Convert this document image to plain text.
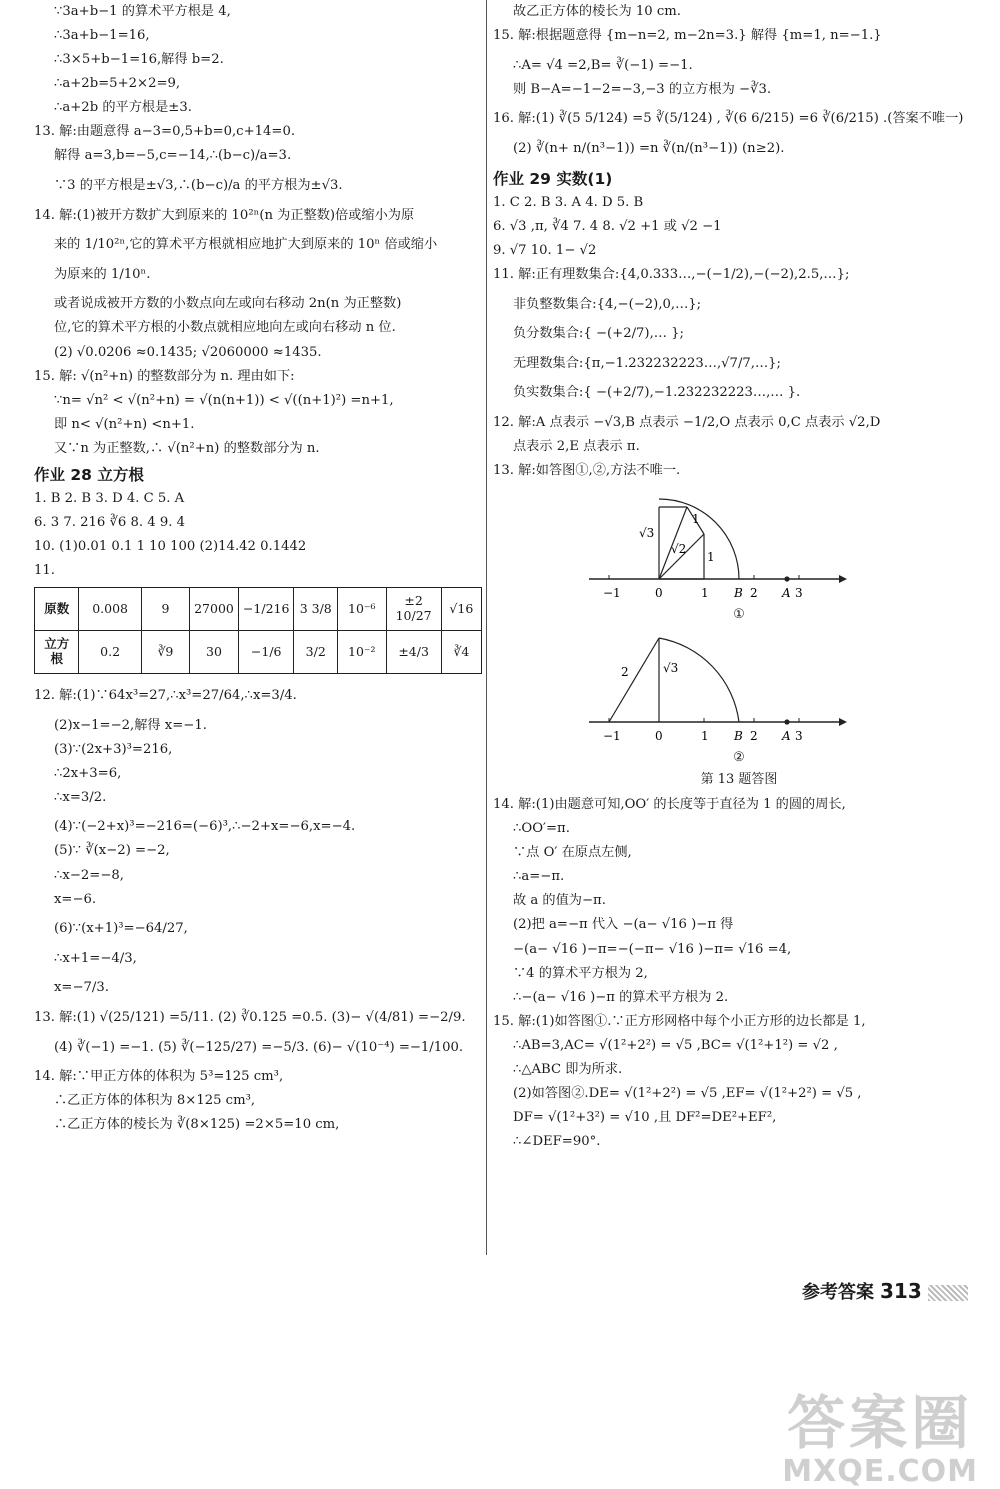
∵3a+b−1 的算术平方根是 4,
∴3a+b−1=16,
∴3×5+b−1=16,解得 b=2.
∴a+2b=5+2×2=9,
∴a+2b 的平方根是±3.
13. 解:由题意得 a−3=0,5+b=0,c+14=0.
解得 a=3,b=−5,c=−14,∴(b−c)/a=3.
∵3 的平方根是±√3,∴(b−c)/a 的平方根为±√3.
14. 解:(1)被开方数扩大到原来的 10²ⁿ(n 为正整数)倍或缩小为原
来的 1/10²ⁿ,它的算术平方根就相应地扩大到原来的 10ⁿ 倍或缩小
为原来的 1/10ⁿ.
或者说成被开方数的小数点向左或向右移动 2n(n 为正整数)
位,它的算术平方根的小数点就相应地向左或向右移动 n 位.
(2) √0.0206 ≈0.1435; √2060000 ≈1435.
15. 解: √(n²+n) 的整数部分为 n. 理由如下:
∵n= √n² < √(n²+n) = √(n(n+1)) < √((n+1)²) =n+1,
即 n< √(n²+n) <n+1.
又∵n 为正整数,∴ √(n²+n) 的整数部分为 n.
作业 28 立方根
1. B 2. B 3. D 4. C 5. A
6. 3 7. 216 ∛6 8. 4 9. 4
10. (1)0.01 0.1 1 10 100 (2)14.42 0.1442
11.
原数	0.008	9	27000	−1/216	3 3/8	10⁻⁶	±2 10/27	√16
立方根	0.2	∛9	30	−1/6	3/2	10⁻²	±4/3	∛4
12. 解:(1)∵64x³=27,∴x³=27/64,∴x=3/4.
(2)x−1=−2,解得 x=−1.
(3)∵(2x+3)³=216,
∴2x+3=6,
∴x=3/2.
(4)∵(−2+x)³=−216=(−6)³,∴−2+x=−6,x=−4.
(5)∵ ∛(x−2) =−2,
∴x−2=−8,
x=−6.
(6)∵(x+1)³=−64/27,
∴x+1=−4/3,
x=−7/3.
13. 解:(1) √(25/121) =5/11. (2) ∛0.125 =0.5. (3)− √(4/81) =−2/9.
(4) ∛(−1) =−1. (5) ∛(−125/27) =−5/3. (6)− √(10⁻⁴) =−1/100.
14. 解:∵甲正方体的体积为 5³=125 cm³,
∴乙正方体的体积为 8×125 cm³,
∴乙正方体的棱长为 ∛(8×125) =2×5=10 cm,
故乙正方体的棱长为 10 cm.
15. 解:根据题意得 {m−n=2, m−2n=3.} 解得 {m=1, n=−1.}
∴A= √4 =2,B= ∛(−1) =−1.
则 B−A=−1−2=−3,−3 的立方根为 −∛3.
16. 解:(1) ∛(5 5/124) =5 ∛(5/124) , ∛(6 6/215) =6 ∛(6/215) .(答案不唯一)
(2) ∛(n+ n/(n³−1)) =n ∛(n/(n³−1)) (n≥2).
作业 29 实数(1)
1. C 2. B 3. A 4. D 5. B
6. √3 ,π, ∛4 7. 4 8. √2 +1 或 √2 −1
9. √7 10. 1− √2
11. 解:正有理数集合:{4,0.333…,−(−1/2),−(−2),2.5,…};
非负整数集合:{4,−(−2),0,…};
负分数集合:{ −(+2/7),… };
无理数集合:{π,−1.232232223…,√7/7,…};
负实数集合:{ −(+2/7),−1.232232223…,… }.
12. 解:A 点表示 −√3,B 点表示 −1/2,O 点表示 0,C 点表示 √2,D
点表示 2,E 点表示 π.
13. 解:如答图①,②,方法不唯一.
−1	0	1 B 2 A 3
√3
√2
1
1
①
−1	0	1 B 2 A 3
2	√3
②
第 13 题答图
14. 解:(1)由题意可知,OO′ 的长度等于直径为 1 的圆的周长,
∴OO′=π.
∵点 O′ 在原点左侧,
∴a=−π.
故 a 的值为−π.
(2)把 a=−π 代入 −(a− √16 )−π 得
−(a− √16 )−π=−(−π− √16 )−π= √16 =4,
∵4 的算术平方根为 2,
∴−(a− √16 )−π 的算术平方根为 2.
15. 解:(1)如答图①.∵正方形网格中每个小正方形的边长都是 1,
∴AB=3,AC= √(1²+2²) = √5 ,BC= √(1²+1²) = √2 ,
∴△ABC 即为所求.
(2)如答图②.DE= √(1²+2²) = √5 ,EF= √(1²+2²) = √5 ,
DF= √(1²+3²) = √10 ,且 DF²=DE²+EF²,
∴∠DEF=90°.
参考答案 313
答案圈
MXQE.COM
